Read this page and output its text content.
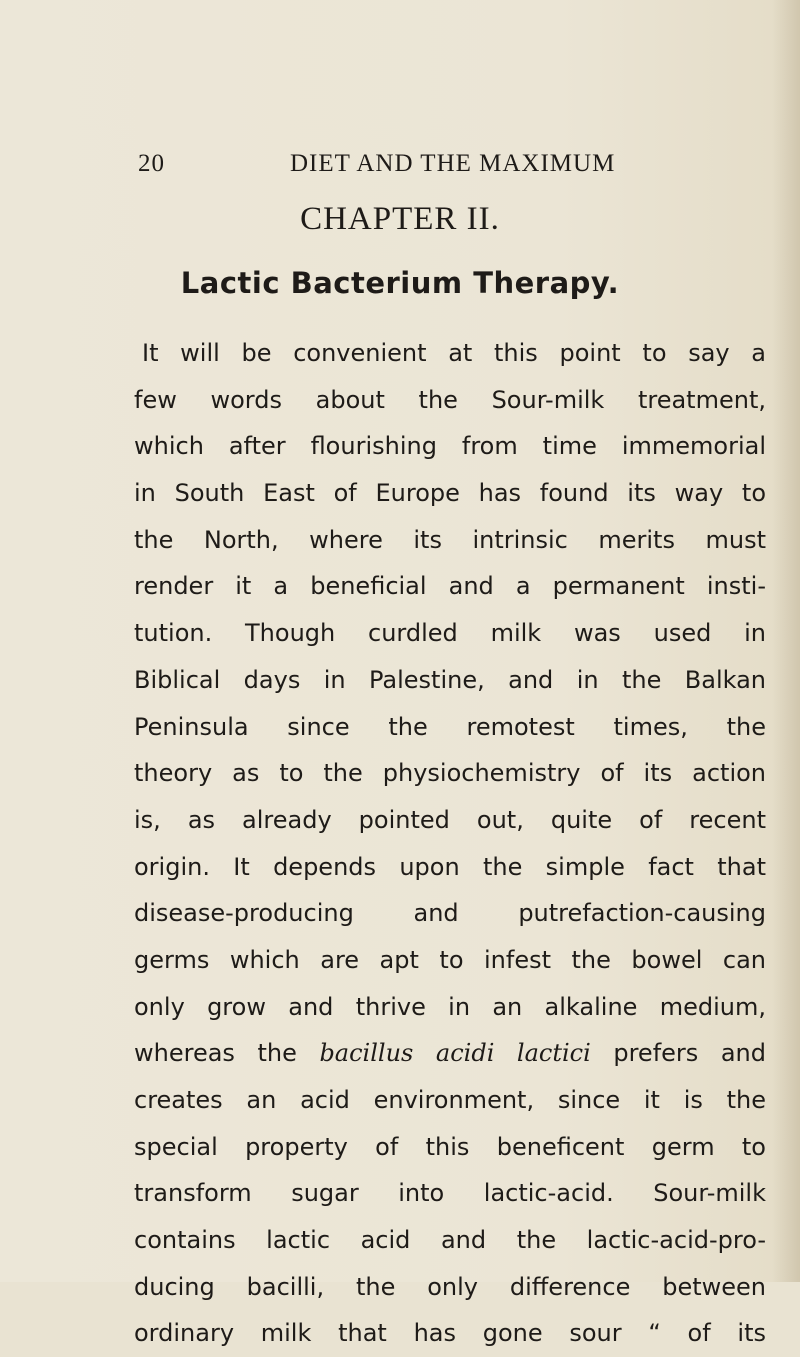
20	DIET AND THE MAXIMUM
CHAPTER II.
Lactic Bacterium Therapy.
It will be convenient at this point to say a
few words about the Sour-milk treatment,
which after flourishing from time immemorial
in South East of Europe has found its way to
the North, where its intrinsic merits must
render it a beneficial and a permanent insti-
tution. Though curdled milk was used in
Biblical days in Palestine, and in the Balkan
Peninsula since the remotest times, the
theory as to the physiochemistry of its action
is, as already pointed out, quite of recent
origin. It depends upon the simple fact that
disease-producing and putrefaction-causing
germs which are apt to infest the bowel can
only grow and thrive in an alkaline medium,
whereas the bacillus acidi lactici prefers and
creates an acid environment, since it is the
special property of this beneficent germ to
transform sugar into lactic-acid. Sour-milk
contains lactic acid and the lactic-acid-pro-
ducing bacilli, the only difference between
ordinary milk that has gone sour “ of its
